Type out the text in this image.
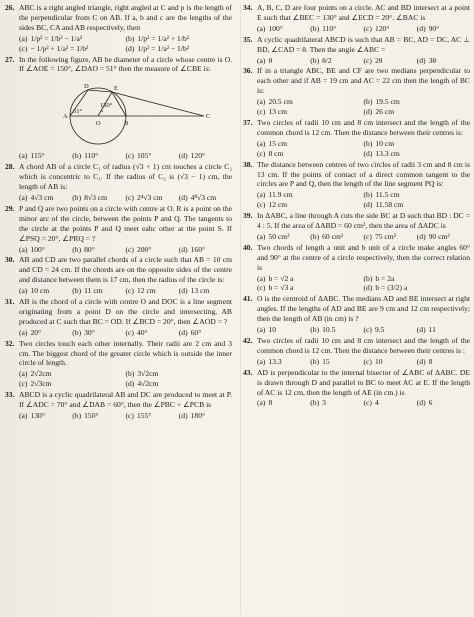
26. ABC is a right angled triangle, right angled at C and p is the length of the perpendicular from C on AB. If a, b and c are the lengths of the sides BC, CA and AB respectively, then
(a) 1/p² = 1/b² − 1/a²	(b) 1/p² = 1/a² + 1/b²
(c) − 1/p² + 1/a² = 1/b²	(d) 1/p² = 1/a² − 1/b²
27. In the following figure, AB be diameter of a circle whose centre is O. If ∠AOE = 150°, ∠DAO = 51° then the measure of ∠CBE is:
D	E
A
O	B
C
51°
150°
(a) 115°	(b) 110°	(c) 105°	(d) 120°
28. A chord AB of a circle C₁ of radius (√3 + 1) cm touches a circle C₂ which is concentric to C₁. If the radius of C₂ is (√3 − 1) cm, the length of AB is:
(a) 4√3 cm (b) 8√3 cm (c) 2⁴√3 cm (d) 4⁸√3 cm
29. P and Q are two points on a circle with centre at O. R is a point on the minor arc of the circle, between the points P and Q. The tangents to the circle at the points P and Q meet eahc other at the point S. If ∠PSQ = 20°, ∠PRQ = ?
(a) 100°	(b) 80°	(c) 200°	(d) 160°
30. AB and CD are two parallel chords of a circle such that AB = 10 cm and CD = 24 cm. If the chords are on the opposite sides of the centre and distance between them is 17 cm, then the radius of the circle is:
(a) 10 cm	(b) 11 cm	(c) 12 cm	(d) 13 cm
31. AB is the chord of a circle with centre O and DOC is a line segment originating from a point D on the circle and intersecting, AB produced at C such that BC = OD. If ∠BCD = 20°, then ∠AOD = ?
(a) 20°	(b) 30°	(c) 40°	(d) 60°
32. Two circles touch each other internally. Their radii are 2 cm and 3 cm. The biggest chord of the greater circle which is outside the inner circle of length.
(a) 2√2cm	(b) 3√2cm
(c) 2√3cm	(d) 4√2cm
33. ABCD is a cyclic quadrilateral AB and DC are produced to meet at P. If ∠ADC = 70° and ∠DAB = 60°, then the ∠PBC + ∠PCB is
(a) 130°	(b) 150°	(c) 155°	(d) 180°
34. A, B, C, D are four points on a circle. AC and BD intersect at a point E such that ∠BEC = 130° and ∠ECD = 20°. ∠BAC is
(a) 100°	(b) 110°	(c) 120°	(d) 90°
35. A cyclic quadrilateral ABCD is such that AB = BC, AD = DC, AC ⊥ BD, ∠CAD = θ. Then the angle ∠ABC =
(a) θ	(b) θ/2	(c) 2θ	(d) 3θ
36. If in a triangle ABC, BE and CF are two medians perpendicular to each other and if AB = 19 cm and AC = 22 cm then the length of BC is:
(a) 20.5 cm	(b) 19.5 cm
(c) 13 cm	(d) 26 cm
37. Two circles of radii 10 cm and 8 cm intersect and the length of the common chord is 12 cm. Then the distance between their centres is:
(a) 15 cm	(b) 10 cm
(c) 8 cm	(d) 13.3 cm
38. The distance between centres of two circles of radii 3 cm and 8 cm is 13 cm. If the points of contact of a direct common tangent to the circles are P and Q, then the length of the line segment PQ is:
(a) 11.9 cm	(b) 11.5 cm
(c) 12 cm	(d) 11.58 cm
39. In ΔABC, a line through A cuts the side BC at D such that BD : DC = 4 : 5. If the area of ΔABD = 60 cm², then the area of ΔADC is
(a) 50 cm²	(b) 60 cm²	(c) 75 cm²	(d) 90 cm²
40. Two chords of length a unit and b unit of a circle make angles 60° and 90° at the centre of a circle respectively, then the correct relation is
(a) b = √2 a	(b) b = 2a
(c) b = √3 a	(d) b = (3/2) a
41. O is the centroid of ΔABC. The medians AD and BE intersect at right angles. If the lengths of AD and BE are 9 cm and 12 cm respectively; then the length of AB (in cm) is ?
(a) 10	(b) 10.5	(c) 9.5	(d) 11
42. Two circles of radii 10 cm and 8 cm intersect and the length of the common chord is 12 cm. Then the distance between their centres is :
(a) 13.3	(b) 15	(c) 10	(d) 8
43. AD is perpendicular to the internal bisector of ∠ABC of ΔABC. DE is drawn through D and parallel to BC to meet AC at E. If the length of AC is 12 cm, then the length of AE (in cm.) is
(a) 8	(b) 3	(c) 4	(d) 6
